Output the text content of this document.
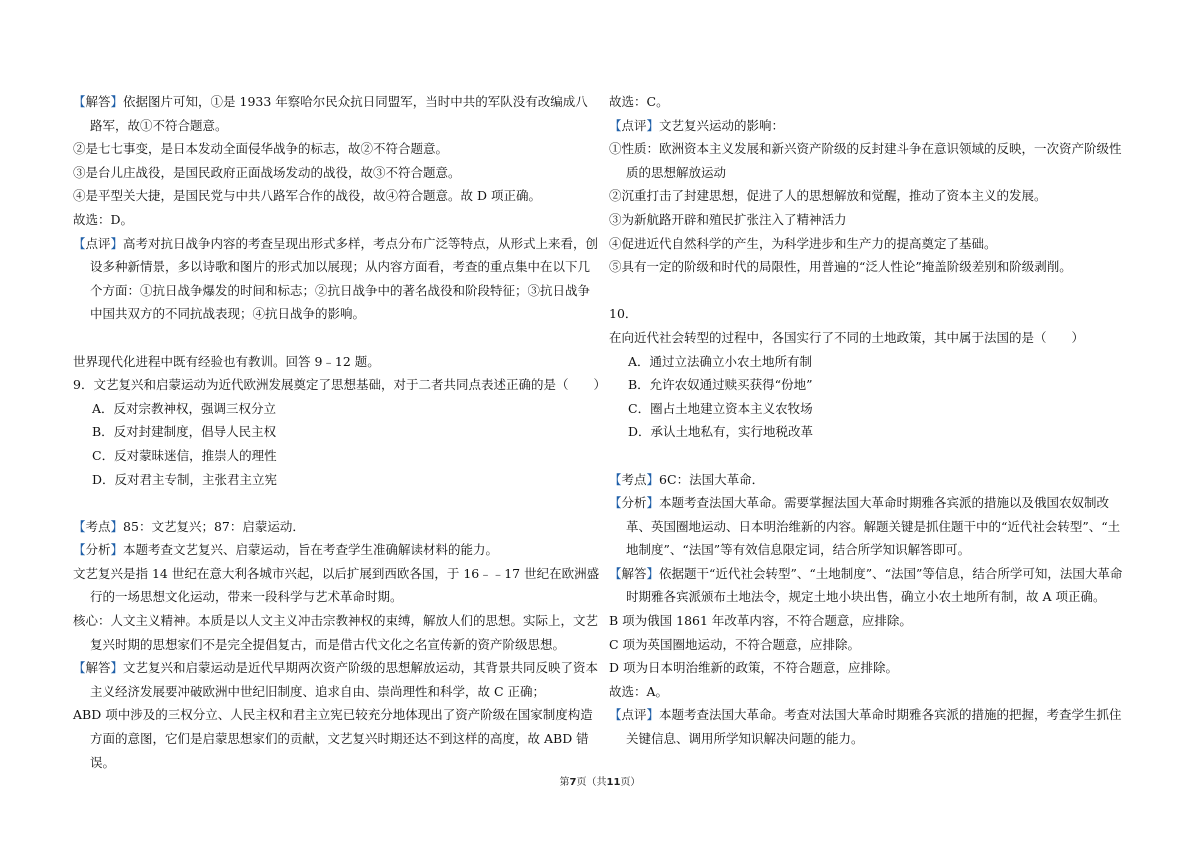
【解答】依据图片可知，①是 1933 年察哈尔民众抗日同盟军，当时中共的军队没有改编成八路军，故①不符合题意。

②是七七事变，是日本发动全面侵华战争的标志，故②不符合题意。

③是台儿庄战役，是国民政府正面战场发动的战役，故③不符合题意。

④是平型关大捷，是国民党与中共八路军合作的战役，故④符合题意。故 D 项正确。

故选：D。

【点评】高考对抗日战争内容的考查呈现出形式多样，考点分布广泛等特点，从形式上来看，创设多种新情景，多以诗歌和图片的形式加以展现；从内容方面看，考查的重点集中在以下几个方面：①抗日战争爆发的时间和标志；②抗日战争中的著名战役和阶段特征；③抗日战争中国共双方的不同抗战表现；④抗日战争的影响。

世界现代化进程中既有经验也有教训。回答 9﹣12 题。

9．文艺复兴和启蒙运动为近代欧洲发展奠定了思想基础，对于二者共同点表述正确的是（　　）

A．反对宗教神权，强调三权分立

B．反对封建制度，倡导人民主权

C．反对蒙昧迷信，推崇人的理性

D．反对君主专制，主张君主立宪

【考点】85：文艺复兴；87：启蒙运动．

【分析】本题考查文艺复兴、启蒙运动，旨在考查学生准确解读材料的能力。

文艺复兴是指 14 世纪在意大利各城市兴起，以后扩展到西欧各国，于 16﹣﹣17 世纪在欧洲盛行的一场思想文化运动，带来一段科学与艺术革命时期。

核心：人文主义精神。本质是以人文主义冲击宗教神权的束缚，解放人们的思想。实际上，文艺复兴时期的思想家们不是完全提倡复古，而是借古代文化之名宣传新的资产阶级思想。

【解答】文艺复兴和启蒙运动是近代早期两次资产阶级的思想解放运动，其背景共同反映了资本主义经济发展要冲破欧洲中世纪旧制度、追求自由、崇尚理性和科学，故 C 正确；

ABD 项中涉及的三权分立、人民主权和君主立宪已较充分地体现出了资产阶级在国家制度构造方面的意图，它们是启蒙思想家们的贡献，文艺复兴时期还达不到这样的高度，故 ABD 错误。

故选：C。

【点评】文艺复兴运动的影响：

①性质：欧洲资本主义发展和新兴资产阶级的反封建斗争在意识领域的反映，一次资产阶级性质的思想解放运动

②沉重打击了封建思想，促进了人的思想解放和觉醒，推动了资本主义的发展。

③为新航路开辟和殖民扩张注入了精神活力

④促进近代自然科学的产生，为科学进步和生产力的提高奠定了基础。

⑤具有一定的阶级和时代的局限性，用普遍的“泛人性论”掩盖阶级差别和阶级剥削。

10．

在向近代社会转型的过程中，各国实行了不同的土地政策，其中属于法国的是（　　）

A．通过立法确立小农土地所有制

B．允许农奴通过赎买获得“份地”

C．圈占土地建立资本主义农牧场

D．承认土地私有，实行地税改革

【考点】6C：法国大革命．

【分析】本题考查法国大革命。需要掌握法国大革命时期雅各宾派的措施以及俄国农奴制改革、英国圈地运动、日本明治维新的内容。解题关键是抓住题干中的“近代社会转型”、“土地制度”、“法国”等有效信息限定词，结合所学知识解答即可。

【解答】依据题干“近代社会转型”、“土地制度”、“法国”等信息，结合所学可知，法国大革命时期雅各宾派颁布土地法令，规定土地小块出售，确立小农土地所有制，故 A 项正确。

B 项为俄国 1861 年改革内容，不符合题意，应排除。

C 项为英国圈地运动，不符合题意，应排除。

D 项为日本明治维新的政策，不符合题意，应排除。

故选：A。

【点评】本题考查法国大革命。考查对法国大革命时期雅各宾派的措施的把握，考查学生抓住关键信息、调用所学知识解决问题的能力。

第7页（共11页）
